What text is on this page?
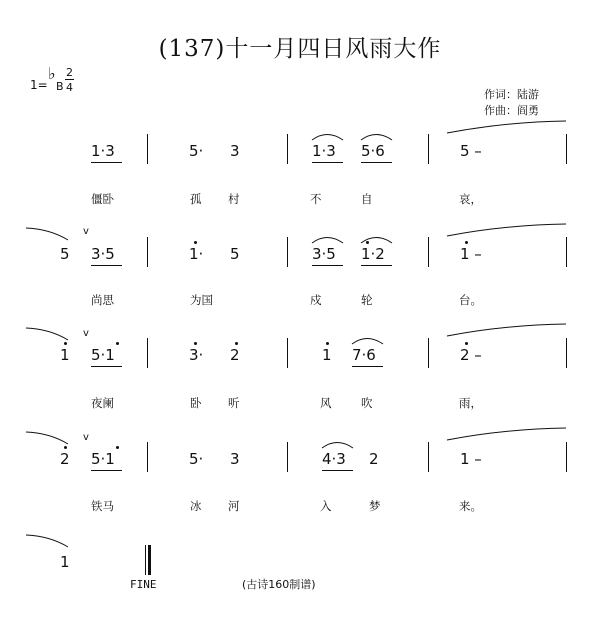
(137)十一月四日风雨大作
1=
♭
B
2
4
作词：陆游
作曲：阎勇
1·3	5· 3	1·3 5·6	5 –
僵卧	孤 村	不	自	哀，
5
v
3·5	1· 5	3·5 1·2	1 –
尚思	为国	戍	轮	台。
1
v
5·1	3· 2	1 7·6	2 –
夜阑	卧 听	风	吹	雨，
2
v
5·1	5· 3	4·3 2	1 –
铁马	冰 河	入	梦	来。
1
FINE	(古诗160制谱)
